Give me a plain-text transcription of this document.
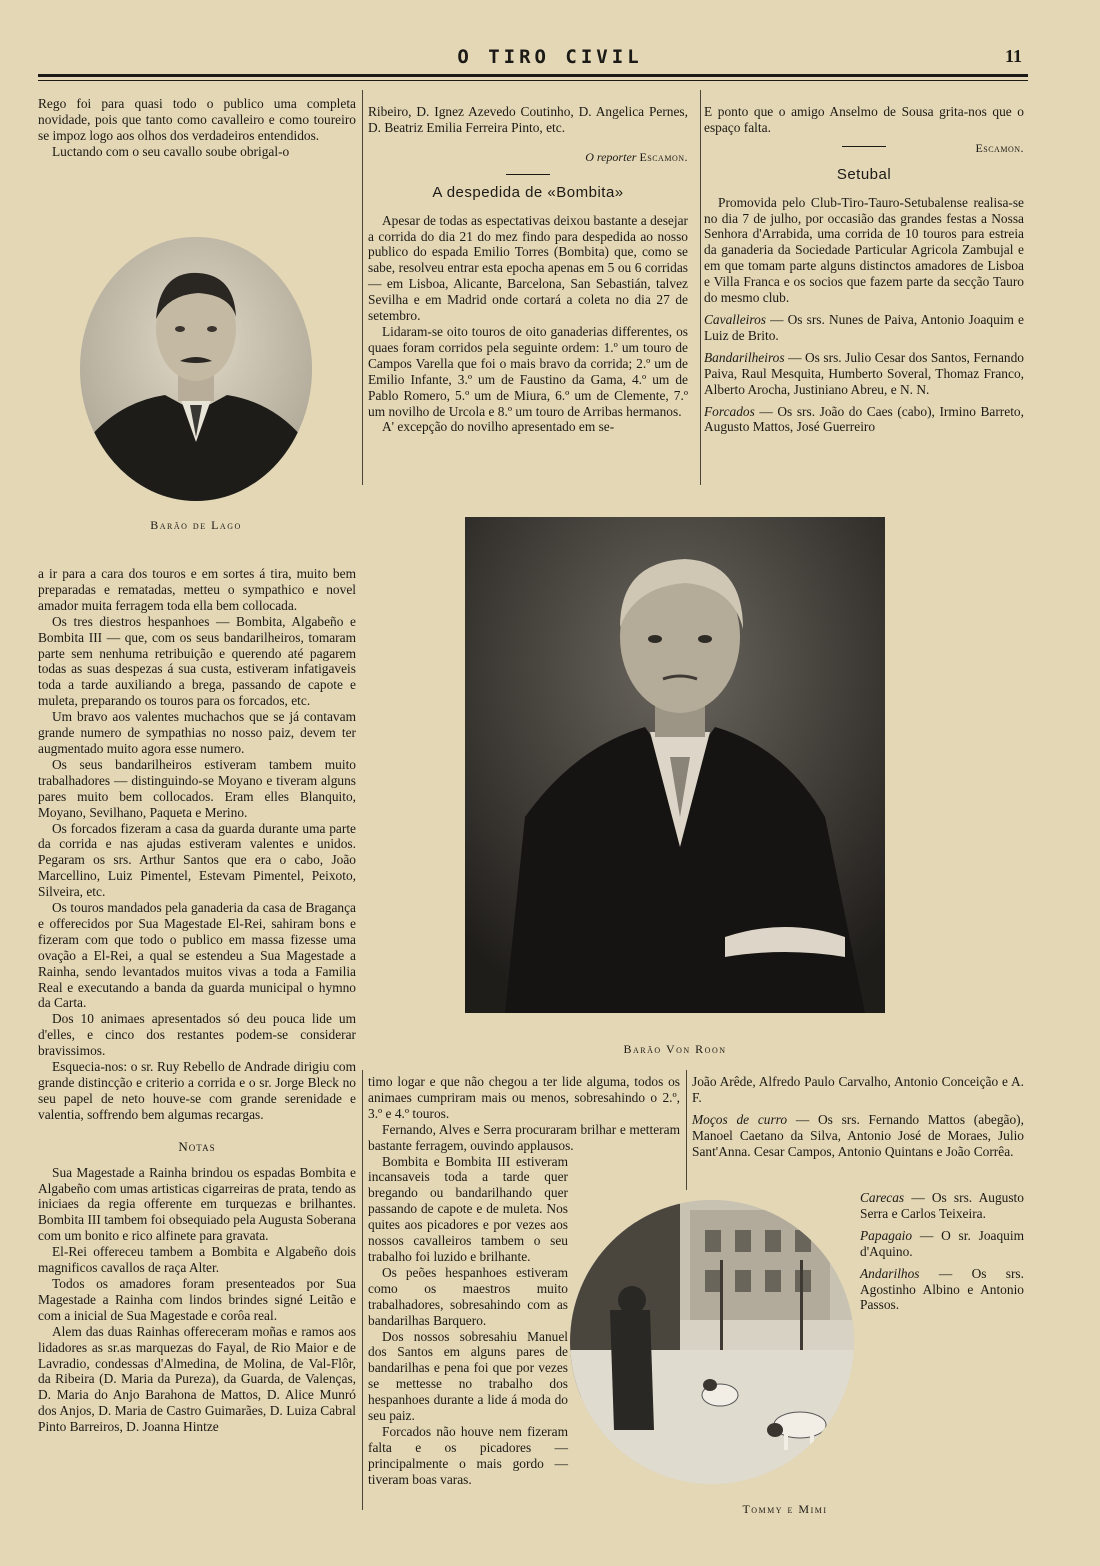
O TIRO CIVIL	11

Rego foi para quasi todo o publico uma completa novidade, pois que tanto como cavalleiro e como toureiro se impoz logo aos olhos dos verdadeiros entendidos.

Luctando com o seu cavallo soube obrigal-o

Barão de Lago

Ribeiro, D. Ignez Azevedo Coutinho, D. Angelica Pernes, D. Beatriz Emilia Ferreira Pinto, etc.

O reporter Escamon.
A despedida de «Bombita»

Apesar de todas as espectativas deixou bastante a desejar a corrida do dia 21 do mez findo para despedida ao nosso publico do espada Emilio Torres (Bombita) que, como se sabe, resolveu entrar esta epocha apenas em 5 ou 6 corridas — em Lisboa, Alicante, Barcelona, San Sebastián, talvez Sevilha e em Madrid onde cortará a coleta no dia 27 de setembro.

Lidaram-se oito touros de oito ganaderias differentes, os quaes foram corridos pela seguinte ordem: 1.º um touro de Campos Varella que foi o mais bravo da corrida; 2.º um de Emilio Infante, 3.º um de Faustino da Gama, 4.º um de Pablo Romero, 5.º um de Miura, 6.º um de Clemente, 7.º um novilho de Urcola e 8.º um touro de Arribas hermanos.

A' excepção do novilho apresentado em se-

E ponto que o amigo Anselmo de Sousa grita-nos que o espaço falta.

Escamon.
Setubal

Promovida pelo Club-Tiro-Tauro-Setubalense realisa-se no dia 7 de julho, por occasião das grandes festas a Nossa Senhora d'Arrabida, uma corrida de 10 touros para estreia da ganaderia da Sociedade Particular Agricola Zambujal e em que tomam parte alguns distinctos amadores de Lisboa e Villa Franca e os socios que fazem parte da secção Tauro do mesmo club.

Cavalleiros — Os srs. Nunes de Paiva, Antonio Joaquim e Luiz de Brito.

Bandarilheiros — Os srs. Julio Cesar dos Santos, Fernando Paiva, Raul Mesquita, Humberto Soveral, Thomaz Franco, Alberto Arocha, Justiniano Abreu, e N. N.

Forcados — Os srs. João do Caes (cabo), Irmino Barreto, Augusto Mattos, José Guerreiro

Barão Von Roon

a ir para a cara dos touros e em sortes á tira, muito bem preparadas e rematadas, metteu o sympathico e novel amador muita ferragem toda ella bem collocada.

Os tres diestros hespanhoes — Bombita, Algabeño e Bombita III — que, com os seus bandarilheiros, tomaram parte sem nenhuma retribuição e querendo até pagarem todas as suas despezas á sua custa, estiveram infatigaveis toda a tarde auxiliando a brega, passando de capote e muleta, preparando os touros para os forcados, etc.

Um bravo aos valentes muchachos que se já contavam grande numero de sympathias no nosso paiz, devem ter augmentado muito agora esse numero.

Os seus bandarilheiros estiveram tambem muito trabalhadores — distinguindo-se Moyano e tiveram alguns pares muito bem collocados. Eram elles Blanquito, Moyano, Sevilhano, Paqueta e Merino.

Os forcados fizeram a casa da guarda durante uma parte da corrida e nas ajudas estiveram valentes e unidos. Pegaram os srs. Arthur Santos que era o cabo, João Marcellino, Luiz Pimentel, Estevam Pimentel, Peixoto, Silveira, etc.

Os touros mandados pela ganaderia da casa de Bragança e offerecidos por Sua Magestade El-Rei, sahiram bons e fizeram com que todo o publico em massa fizesse uma ovação a El-Rei, a qual se estendeu a Sua Magestade a Rainha, sendo levantados muitos vivas a toda a Familia Real e executando a banda da guarda municipal o hymno da Carta.

Dos 10 animaes apresentados só deu pouca lide um d'elles, e cinco dos restantes podem-se considerar bravissimos.

Esquecia-nos: o sr. Ruy Rebello de Andrade dirigiu com grande distincção e criterio a corrida e o sr. Jorge Bleck no seu papel de neto houve-se com grande serenidade e valentia, soffrendo bem algumas recargas.

Notas

Sua Magestade a Rainha brindou os espadas Bombita e Algabeño com umas artisticas cigarreiras de prata, tendo as iniciaes da regia offerente em turquezas e brilhantes. Bombita III tambem foi obsequiado pela Augusta Soberana com um bonito e rico alfinete para gravata.

El-Rei offereceu tambem a Bombita e Algabeño dois magnificos cavallos de raça Alter.

Todos os amadores foram presenteados por Sua Magestade a Rainha com lindos brindes signé Leitão e com a inicial de Sua Magestade e corôa real.

Alem das duas Rainhas offereceram moñas e ramos aos lidadores as sr.as marquezas do Fayal, de Rio Maior e de Lavradio, condessas d'Almedina, de Molina, de Val-Flôr, da Ribeira (D. Maria da Pureza), da Guarda, de Valenças, D. Maria do Anjo Barahona de Mattos, D. Alice Munró dos Anjos, D. Maria de Castro Guimarães, D. Luiza Cabral Pinto Barreiros, D. Joanna Hintze

timo logar e que não chegou a ter lide alguma, todos os animaes cumpriram mais ou menos, sobresahindo o 2.º, 3.º e 4.º touros.

Fernando, Alves e Serra procuraram brilhar e metteram bastante ferragem, ouvindo applausos.

Bombita e Bombita III estiveram incansaveis toda a tarde quer bregando ou bandarilhando quer passando de capote e de muleta. Nos quites aos picadores e por vezes aos nossos cavalleiros tambem o seu trabalho foi luzido e brilhante.

Os peões hespanhoes estiveram como os maestros muito trabalhadores, sobresahindo com as bandarilhas Barquero.

Dos nossos sobresahiu Manuel dos Santos em alguns pares de bandarilhas e pena foi que por vezes se mettesse no trabalho dos hespanhoes durante a lide á moda do seu paiz.

Forcados não houve nem fizeram falta e os picadores — principalmente o mais gordo — tiveram boas varas.

João Arêde, Alfredo Paulo Carvalho, Antonio Conceição e A. F.

Moços de curro — Os srs. Fernando Mattos (abegão), Manoel Caetano da Silva, Antonio José de Moraes, Julio Sant'Anna. Cesar Campos, Antonio Quintans e João Corrêa.

Carecas — Os srs. Augusto Serra e Carlos Teixeira.

Papagaio — O sr. Joaquim d'Aquino.

Andarilhos — Os srs. Agostinho Albino e Antonio Passos.

Tommy e Mimi
